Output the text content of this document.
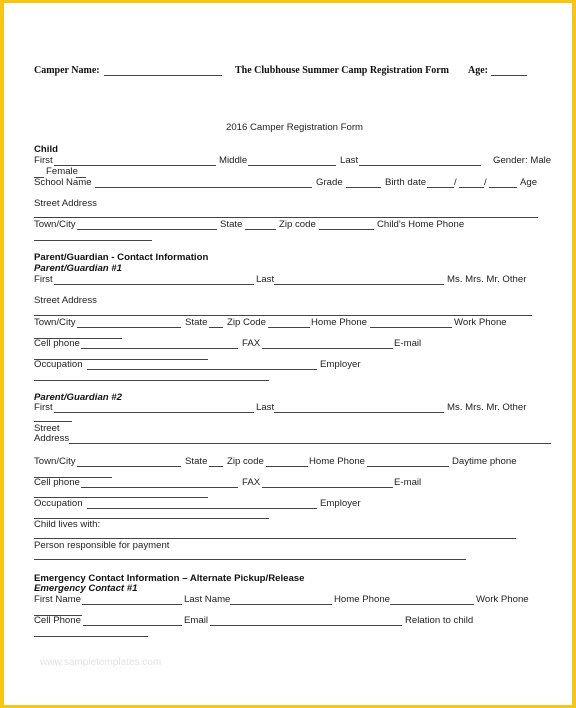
Camper Name:	The Clubhouse Summer Camp Registration Form Age:
2016 Camper Registration Form
Child
First	Middle	Last	Gender: Male
Female
School Name	Grade	Birth date	/	/	Age
Street Address
Town/City	State	Zip code	Child's Home Phone
Parent/Guardian - Contact Information
Parent/Guardian #1
First	Last	Ms. Mrs. Mr. Other
Street Address
Town/City	State Zip Code	Home Phone	Work Phone
Cell phone	FAX	E-mail
Occupation	Employer
Parent/Guardian #2
First	Last	Ms. Mrs. Mr. Other
Street
Address
Town/City	State Zip code	Home Phone	Daytime phone
Cell phone	FAX	E-mail
Occupation	Employer
Child lives with:
Person responsible for payment
Emergency Contact Information – Alternate Pickup/Release
Emergency Contact #1
First Name	Last Name	Home Phone	Work Phone
Cell Phone	Email	Relation to child
www.sampletemplates.com
